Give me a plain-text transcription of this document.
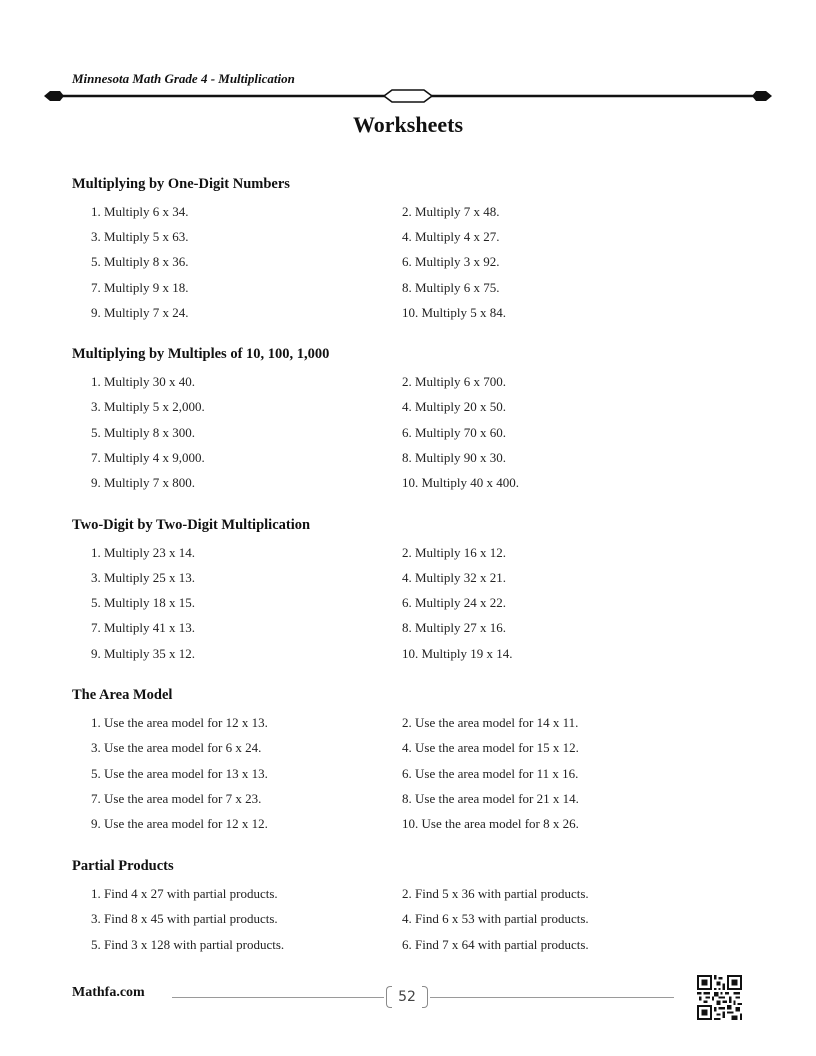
Minnesota Math Grade 4 - Multiplication
Worksheets
Multiplying by One-Digit Numbers
1. Multiply 6 x 34.	2. Multiply 7 x 48.
3. Multiply 5 x 63.	4. Multiply 4 x 27.
5. Multiply 8 x 36.	6. Multiply 3 x 92.
7. Multiply 9 x 18.	8. Multiply 6 x 75.
9. Multiply 7 x 24.	10. Multiply 5 x 84.
Multiplying by Multiples of 10, 100, 1,000
1. Multiply 30 x 40.	2. Multiply 6 x 700.
3. Multiply 5 x 2,000.	4. Multiply 20 x 50.
5. Multiply 8 x 300.	6. Multiply 70 x 60.
7. Multiply 4 x 9,000.	8. Multiply 90 x 30.
9. Multiply 7 x 800.	10. Multiply 40 x 400.
Two-Digit by Two-Digit Multiplication
1. Multiply 23 x 14.	2. Multiply 16 x 12.
3. Multiply 25 x 13.	4. Multiply 32 x 21.
5. Multiply 18 x 15.	6. Multiply 24 x 22.
7. Multiply 41 x 13.	8. Multiply 27 x 16.
9. Multiply 35 x 12.	10. Multiply 19 x 14.
The Area Model
1. Use the area model for 12 x 13.	2. Use the area model for 14 x 11.
3. Use the area model for 6 x 24.	4. Use the area model for 15 x 12.
5. Use the area model for 13 x 13.	6. Use the area model for 11 x 16.
7. Use the area model for 7 x 23.	8. Use the area model for 21 x 14.
9. Use the area model for 12 x 12.	10. Use the area model for 8 x 26.
Partial Products
1. Find 4 x 27 with partial products.	2. Find 5 x 36 with partial products.
3. Find 8 x 45 with partial products.	4. Find 6 x 53 with partial products.
5. Find 3 x 128 with partial products.	6. Find 7 x 64 with partial products.
Mathfa.com	52
